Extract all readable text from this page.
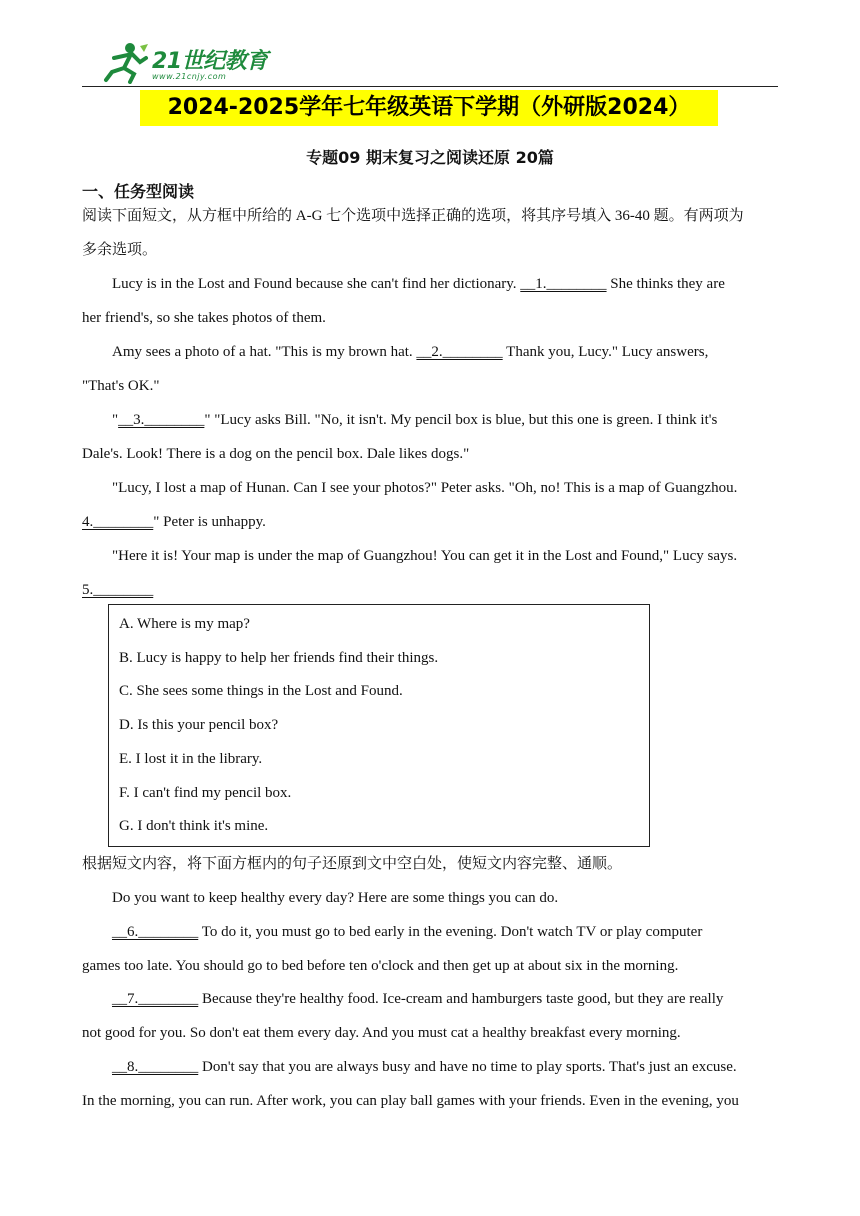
21世纪教育
www.21cnjy.com
2024-2025学年七年级英语下学期（外研版2024）
专题09 期末复习之阅读还原 20篇
一、任务型阅读
阅读下面短文，从方框中所给的 A-G 七个选项中选择正确的选项，将其序号填入 36-40 题。有两项为
多余选项。
Lucy is in the Lost and Found because she can't find her dictionary. __1.________ She thinks they are
her friend's, so she takes photos of them.
Amy sees a photo of a hat. "This is my brown hat. __2.________ Thank you, Lucy." Lucy answers,
"That's OK."
"__3.________" "Lucy asks Bill. "No, it isn't. My pencil box is blue, but this one is green. I think it's
Dale's. Look! There is a dog on the pencil box. Dale likes dogs."
"Lucy, I lost a map of Hunan. Can I see your photos?" Peter asks. "Oh, no! This is a map of Guangzhou.
4.________" Peter is unhappy.
"Here it is! Your map is under the map of Guangzhou! You can get it in the Lost and Found," Lucy says.
5.________
A. Where is my map?
B. Lucy is happy to help her friends find their things.
C. She sees some things in the Lost and Found.
D. Is this your pencil box?
E. I lost it in the library.
F. I can't find my pencil box.
G. I don't think it's mine.
根据短文内容，将下面方框内的句子还原到文中空白处，使短文内容完整、通顺。
Do you want to keep healthy every day? Here are some things you can do.
__6.________ To do it, you must go to bed early in the evening. Don't watch TV or play computer
games too late. You should go to bed before ten o'clock and then get up at about six in the morning.
__7.________ Because they're healthy food. Ice-cream and hamburgers taste good, but they are really
not good for you. So don't eat them every day. And you must cat a healthy breakfast every morning.
__8.________ Don't say that you are always busy and have no time to play sports. That's just an excuse.
In the morning, you can run. After work, you can play ball games with your friends. Even in the evening, you
